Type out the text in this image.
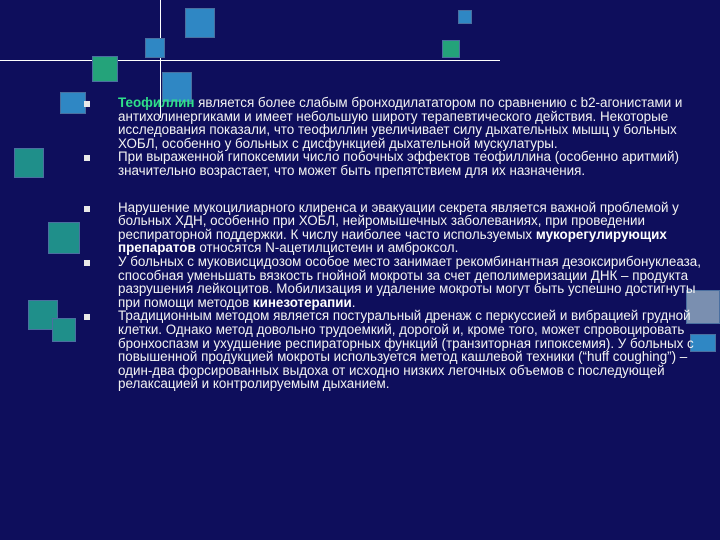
Теофиллин является более слабым бронходилататором по сравнению с b2-агонистами и антихолинергиками и имеет небольшую широту терапевтического действия. Некоторые исследования показали, что теофиллин увеличивает силу дыхательных мышц у больных ХОБЛ, особенно у больных с дисфункцией дыхательной мускулатуры.
При выраженной гипоксемии число побочных эффектов теофиллина (особенно аритмий) значительно возрастает, что может быть препятствием для их назначения.
Нарушение мукоцилиарного клиренса и эвакуации секрета является важной проблемой у больных ХДН, особенно при ХОБЛ, нейромышечных заболеваниях, при проведении респираторной поддержки. К числу наиболее часто используемых мукорегулирующих препаратов относятся N-ацетилцистеин и амброксол.
У больных с муковисцидозом особое место занимает рекомбинантная дезоксирибонуклеаза, способная уменьшать вязкость гнойной мокроты за счет деполимеризации ДНК – продукта разрушения лейкоцитов. Мобилизация и удаление мокроты могут быть успешно достигнуты при помощи методов кинезотерапии.
Традиционным методом является постуральный дренаж с перкуссией и вибрацией грудной клетки. Однако метод довольно трудоемкий, дорогой и, кроме того, может спровоцировать бронхоспазм и ухудшение респираторных функций (транзиторная гипоксемия). У больных с повышенной продукцией мокроты используется метод кашлевой техники (“huff coughing”) – один-два форсированных выдоха от исходно низких легочных объемов с последующей релаксацией и контролируемым дыханием.
